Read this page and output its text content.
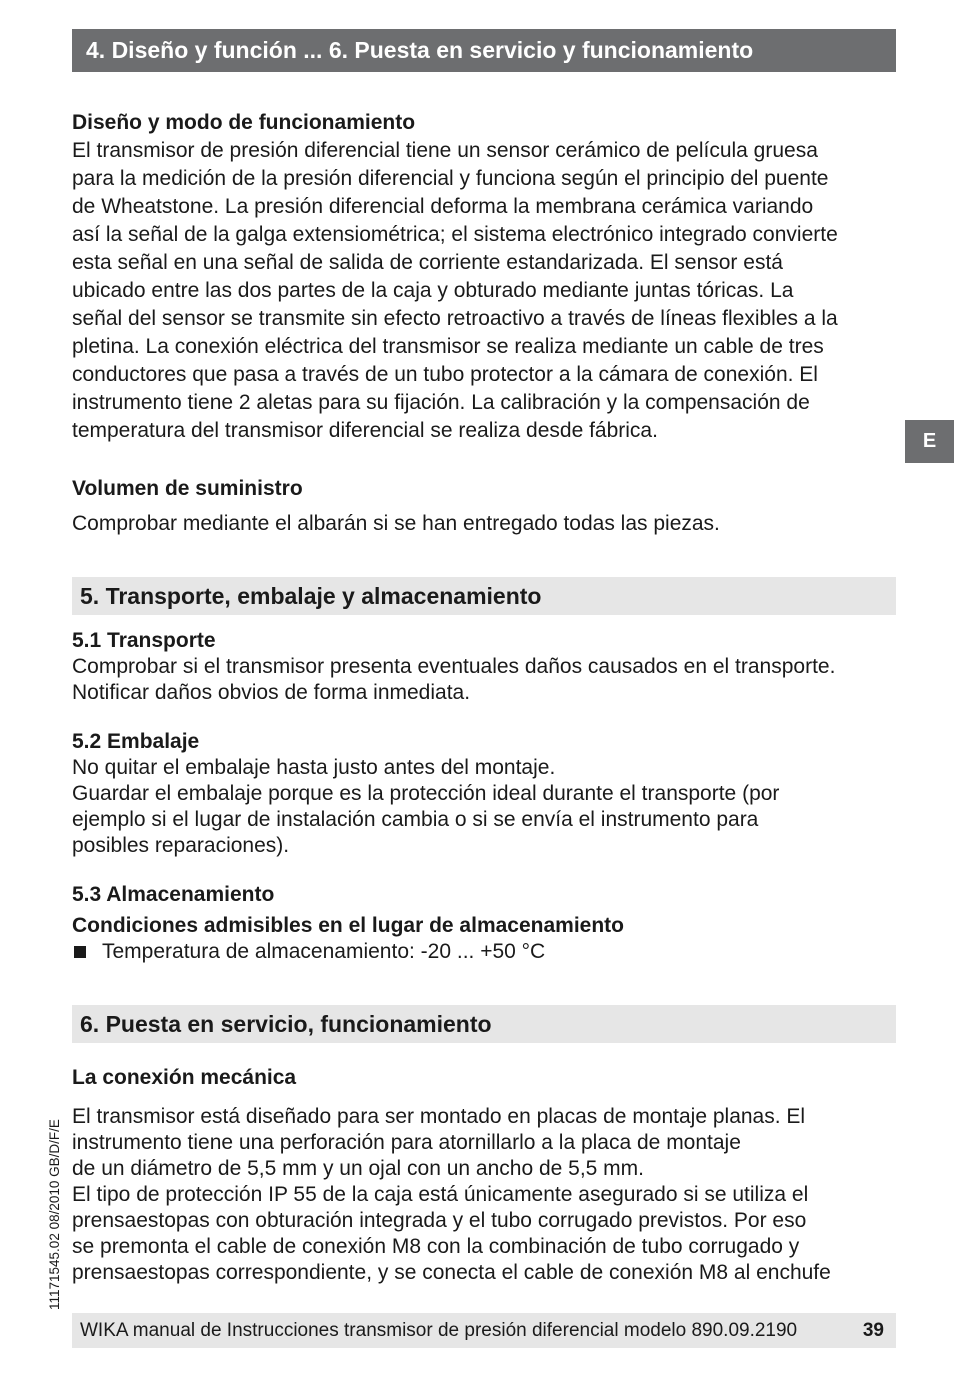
4. Diseño y función ... 6. Puesta en servicio y funcionamiento
E
11171545.02 08/2010 GB/D/F/E
Diseño y modo de funcionamiento

El transmisor de presión diferencial tiene un sensor cerámico de película gruesa

para la medición de la presión diferencial y funciona según el principio del puente

de Wheatstone. La presión diferencial deforma la membrana cerámica variando

así la señal de la galga extensiométrica; el sistema electrónico integrado convierte

esta señal en una señal de salida de corriente estandarizada. El sensor está

ubicado entre las dos partes de la caja y obturado mediante juntas tóricas. La

señal del sensor se transmite sin efecto retroactivo a través de líneas flexibles a la

pletina. La conexión eléctrica del transmisor se realiza mediante un cable de tres

conductores que pasa a través de un tubo protector a la cámara de conexión. El

instrumento tiene 2 aletas para su fijación. La calibración y la compensación de

temperatura del transmisor diferencial se realiza desde fábrica.

Volumen de suministro

Comprobar mediante el albarán si se han entregado todas las piezas.

5. Transporte, embalaje y almacenamiento
5.1 Transporte

Comprobar si el transmisor presenta eventuales daños causados en el transporte.

Notificar daños obvios de forma inmediata.

5.2 Embalaje

No quitar el embalaje hasta justo antes del montaje.

Guardar el embalaje porque es la protección ideal durante el transporte (por

ejemplo si el lugar de instalación cambia o si se envía el instrumento para

posibles reparaciones).

5.3 Almacenamiento
Condiciones admisibles en el lugar de almacenamiento

Temperatura de almacenamiento: -20 ... +50 °C

6. Puesta en servicio, funcionamiento
La conexión mecánica

El transmisor está diseñado para ser montado en placas de montaje planas. El

instrumento tiene una perforación para atornillarlo a la placa de montaje

de un diámetro de 5,5 mm y un ojal con un ancho de 5,5 mm.

El tipo de protección IP 55 de la caja está únicamente asegurado si se utiliza el

prensaestopas con obturación integrada y el tubo corrugado previstos. Por eso

se premonta el cable de conexión M8 con la combinación de tubo corrugado y

prensaestopas correspondiente, y se conecta el cable de conexión M8 al enchufe

WIKA manual de Instrucciones transmisor de presión diferencial modelo 890.09.2190	39
